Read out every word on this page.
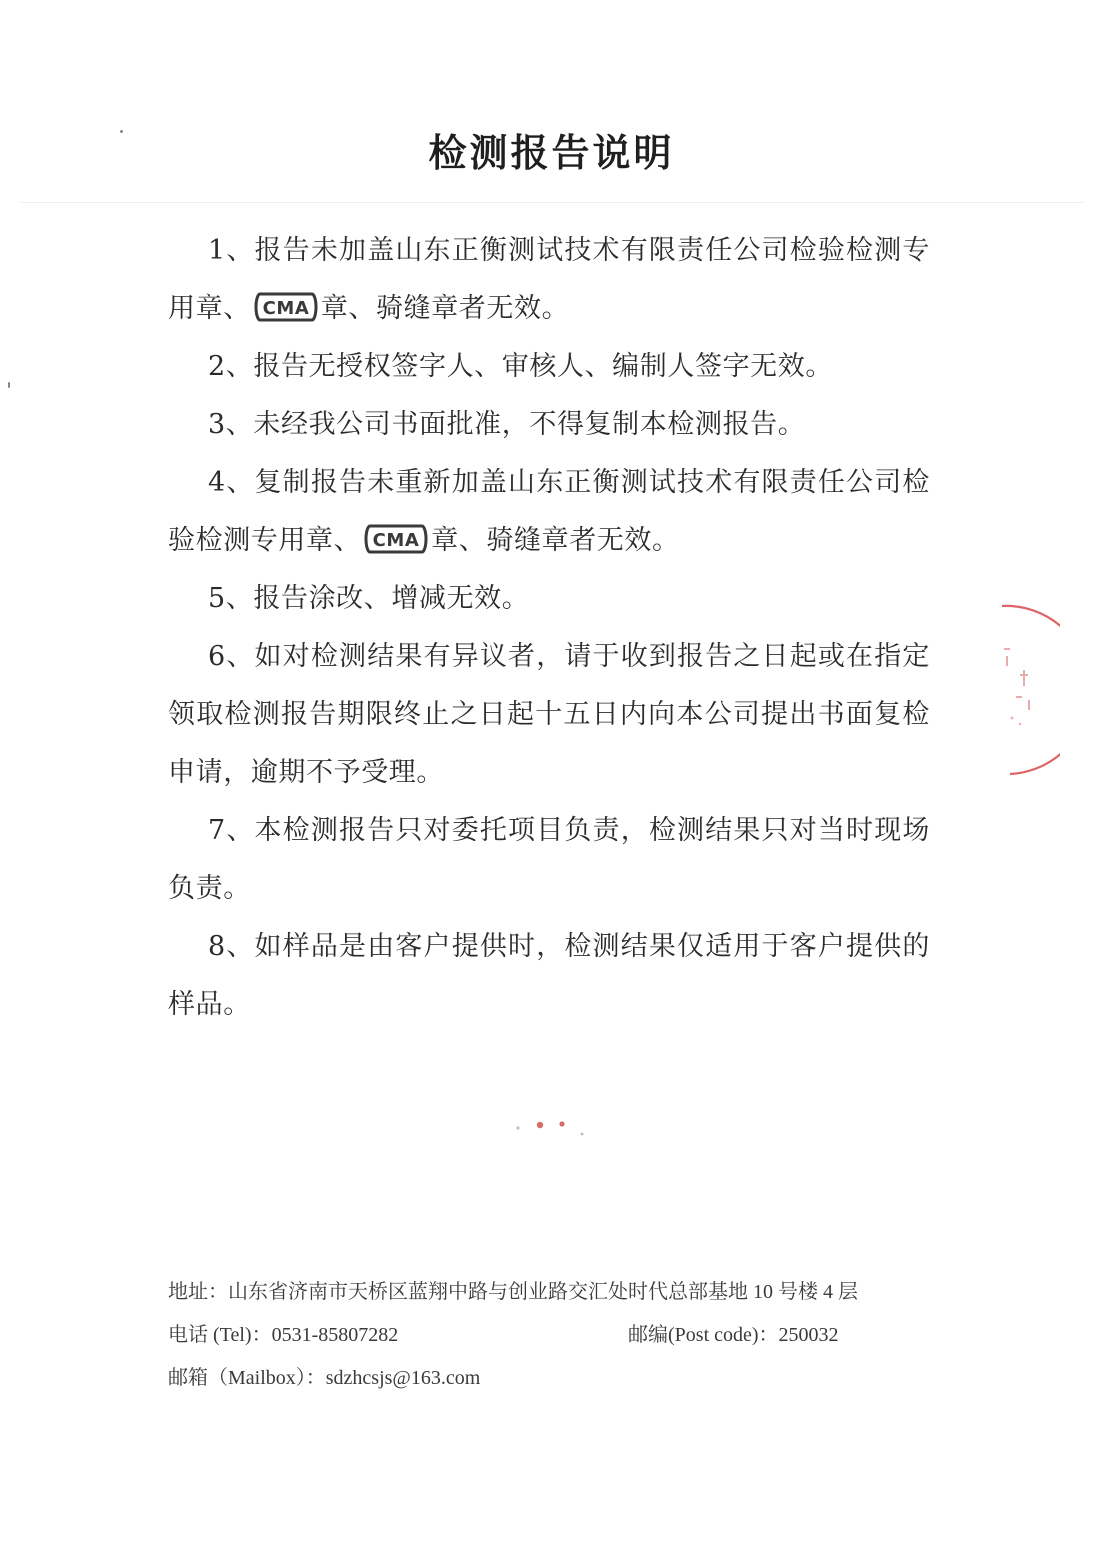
检测报告说明

1、报告未加盖山东正衡测试技术有限责任公司检验检测专用章、 CMA 章、骑缝章者无效。

2、报告无授权签字人、审核人、编制人签字无效。

3、未经我公司书面批准，不得复制本检测报告。

4、复制报告未重新加盖山东正衡测试技术有限责任公司检验检测专用章、 CMA 章、骑缝章者无效。

5、报告涂改、增减无效。

6、如对检测结果有异议者，请于收到报告之日起或在指定领取检测报告期限终止之日起十五日内向本公司提出书面复检申请，逾期不予受理。

7、本检测报告只对委托项目负责，检测结果只对当时现场负责。

8、如样品是由客户提供时，检测结果仅适用于客户提供的样品。

地址：山东省济南市天桥区蓝翔中路与创业路交汇处时代总部基地 10 号楼 4 层
电话 (Tel)：0531-85807282	邮编(Post code)：250032
邮箱（Mailbox）：sdzhcsjs@163.com
